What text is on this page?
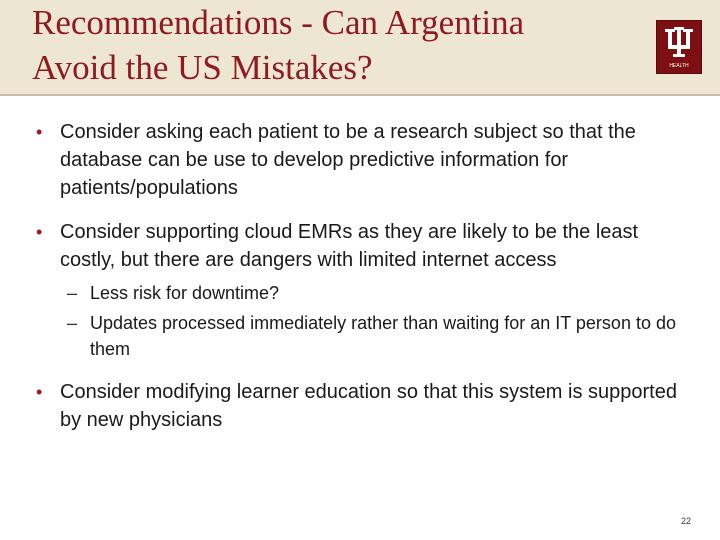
Recommendations - Can Argentina
Avoid the US Mistakes?	HEALTH
• Consider asking each patient to be a research subject so that the database can be use to develop predictive information for patients/populations
• Consider supporting cloud EMRs as they are likely to be the least costly, but there are dangers with limited internet access
– Less risk for downtime?
– Updates processed immediately rather than waiting for an IT person to do them
• Consider modifying learner education so that this system is supported by new physicians
22
